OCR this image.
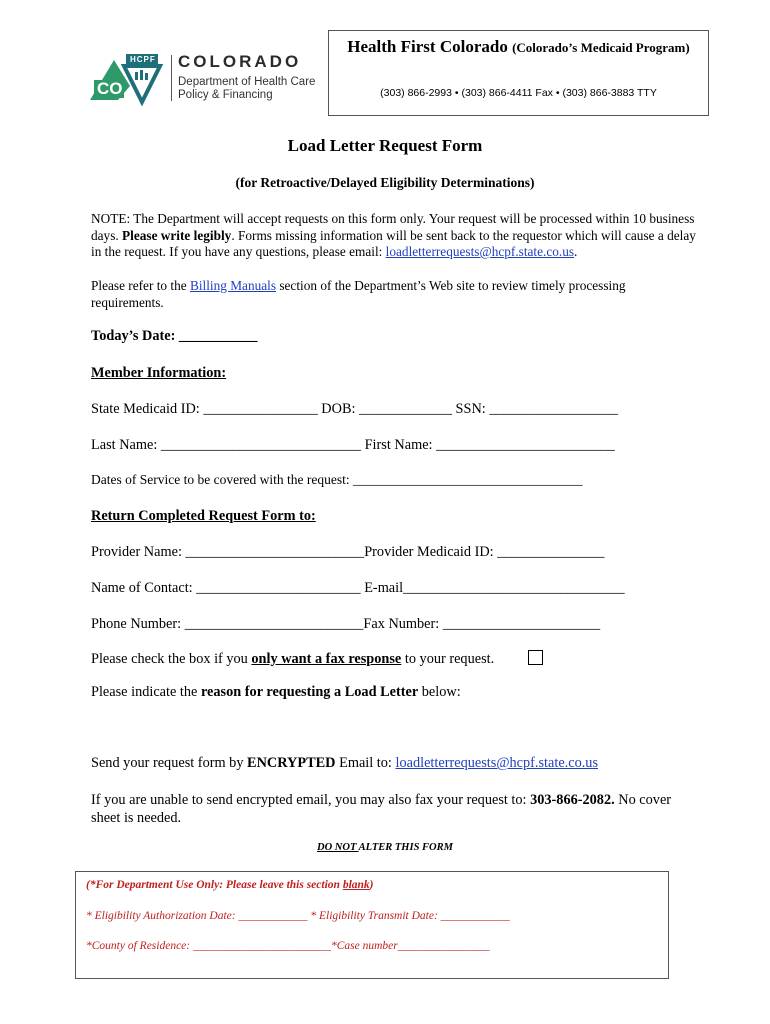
HCPF
CO
COLORADO
Department of Health Care
Policy & Financing
Health First Colorado (Colorado’s Medicaid Program)
(303) 866-2993 • (303) 866-4411 Fax • (303) 866-3883 TTY
Load Letter Request Form
(for Retroactive/Delayed Eligibility Determinations)
NOTE: The Department will accept requests on this form only. Your request will be processed within 10 business days. Please write legibly. Forms missing information will be sent back to the requestor which will cause a delay in the request. If you have any questions, please email: loadletterrequests@hcpf.state.co.us.
Please refer to the Billing Manuals section of the Department’s Web site to review timely processing requirements.
Today’s Date: ___________
Member Information:
State Medicaid ID: ________________ DOB: _____________ SSN: __________________
Last Name: ____________________________ First Name: _________________________
Dates of Service to be covered with the request: __________________________________
Return Completed Request Form to:
Provider Name: _________________________Provider Medicaid ID: _______________
Name of Contact: _______________________ E-mail_______________________________
Phone Number: _________________________Fax Number: ______________________
Please check the box if you only want a fax response to your request.
Please indicate the reason for requesting a Load Letter below:
Send your request form by ENCRYPTED Email to: loadletterrequests@hcpf.state.co.us
If you are unable to send encrypted email, you may also fax your request to: 303-866-2082. No cover sheet is needed.
DO NOT ALTER THIS FORM
(*For Department Use Only: Please leave this section blank)
* Eligibility Authorization Date: ____________ * Eligibility Transmit Date: ____________
*County of Residence: ________________________*Case number________________
